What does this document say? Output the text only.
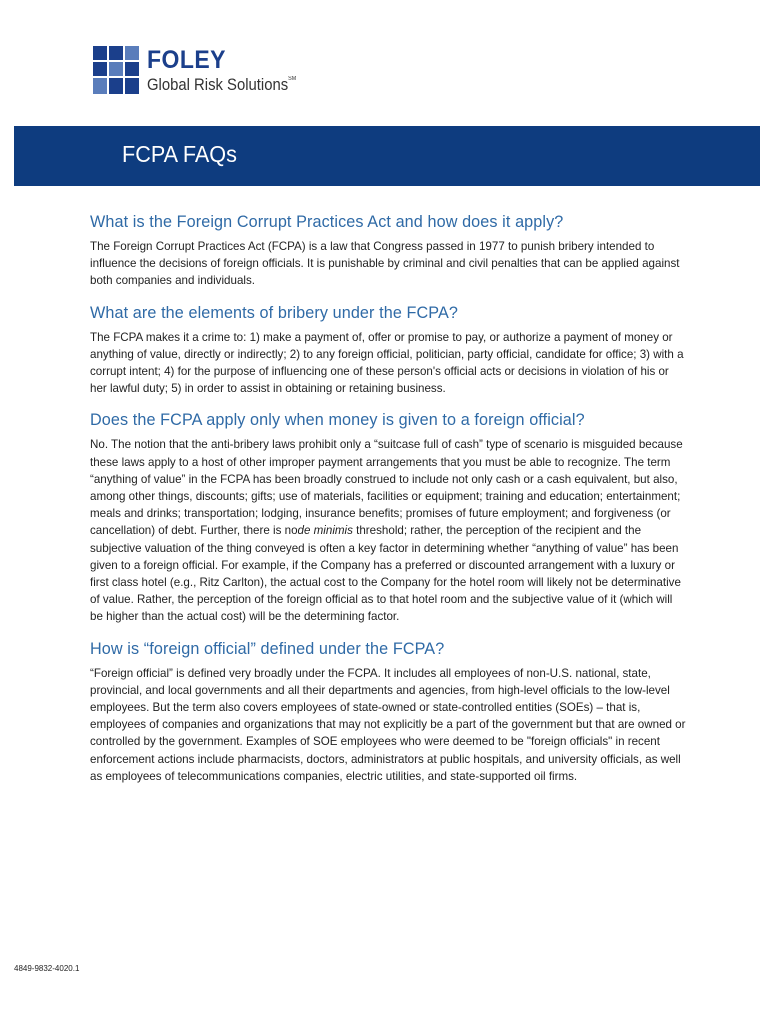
FOLEY
Global Risk Solutions℠
FCPA FAQs
What is the Foreign Corrupt Practices Act and how does it apply?

The Foreign Corrupt Practices Act (FCPA) is a law that Congress passed in 1977 to punish bribery intended to influence the decisions of foreign officials. It is punishable by criminal and civil penalties that can be applied against both companies and individuals.

What are the elements of bribery under the FCPA?

The FCPA makes it a crime to: 1) make a payment of, offer or promise to pay, or authorize a payment of money or anything of value, directly or indirectly; 2) to any foreign official, politician, party official, candidate for office; 3) with a corrupt intent; 4) for the purpose of influencing one of these person's official acts or decisions in violation of his or her lawful duty; 5) in order to assist in obtaining or retaining business.

Does the FCPA apply only when money is given to a foreign official?

No. The notion that the anti-bribery laws prohibit only a “suitcase full of cash” type of scenario is misguided because these laws apply to a host of other improper payment arrangements that you must be able to recognize. The term “anything of value” in the FCPA has been broadly construed to include not only cash or a cash equivalent, but also, among other things, discounts; gifts; use of materials, facilities or equipment; training and education; entertainment; meals and drinks; transportation; lodging, insurance benefits; promises of future employment; and forgiveness (or cancellation) of debt. Further, there is node minimis threshold; rather, the perception of the recipient and the subjective valuation of the thing conveyed is often a key factor in determining whether “anything of value” has been given to a foreign official. For example, if the Company has a preferred or discounted arrangement with a luxury or first class hotel (e.g., Ritz Carlton), the actual cost to the Company for the hotel room will likely not be determinative of value. Rather, the perception of the foreign official as to that hotel room and the subjective value of it (which will be higher than the actual cost) will be the determining factor.

How is “foreign official” defined under the FCPA?

“Foreign official” is defined very broadly under the FCPA. It includes all employees of non-U.S. national, state, provincial, and local governments and all their departments and agencies, from high-level officials to the low-level employees. But the term also covers employees of state-owned or state-controlled entities (SOEs) – that is, employees of companies and organizations that may not explicitly be a part of the government but that are owned or controlled by the government. Examples of SOE employees who were deemed to be "foreign officials" in recent enforcement actions include pharmacists, doctors, administrators at public hospitals, and university officials, as well as employees of telecommunications companies, electric utilities, and state-supported oil firms.

4849-9832-4020.1
